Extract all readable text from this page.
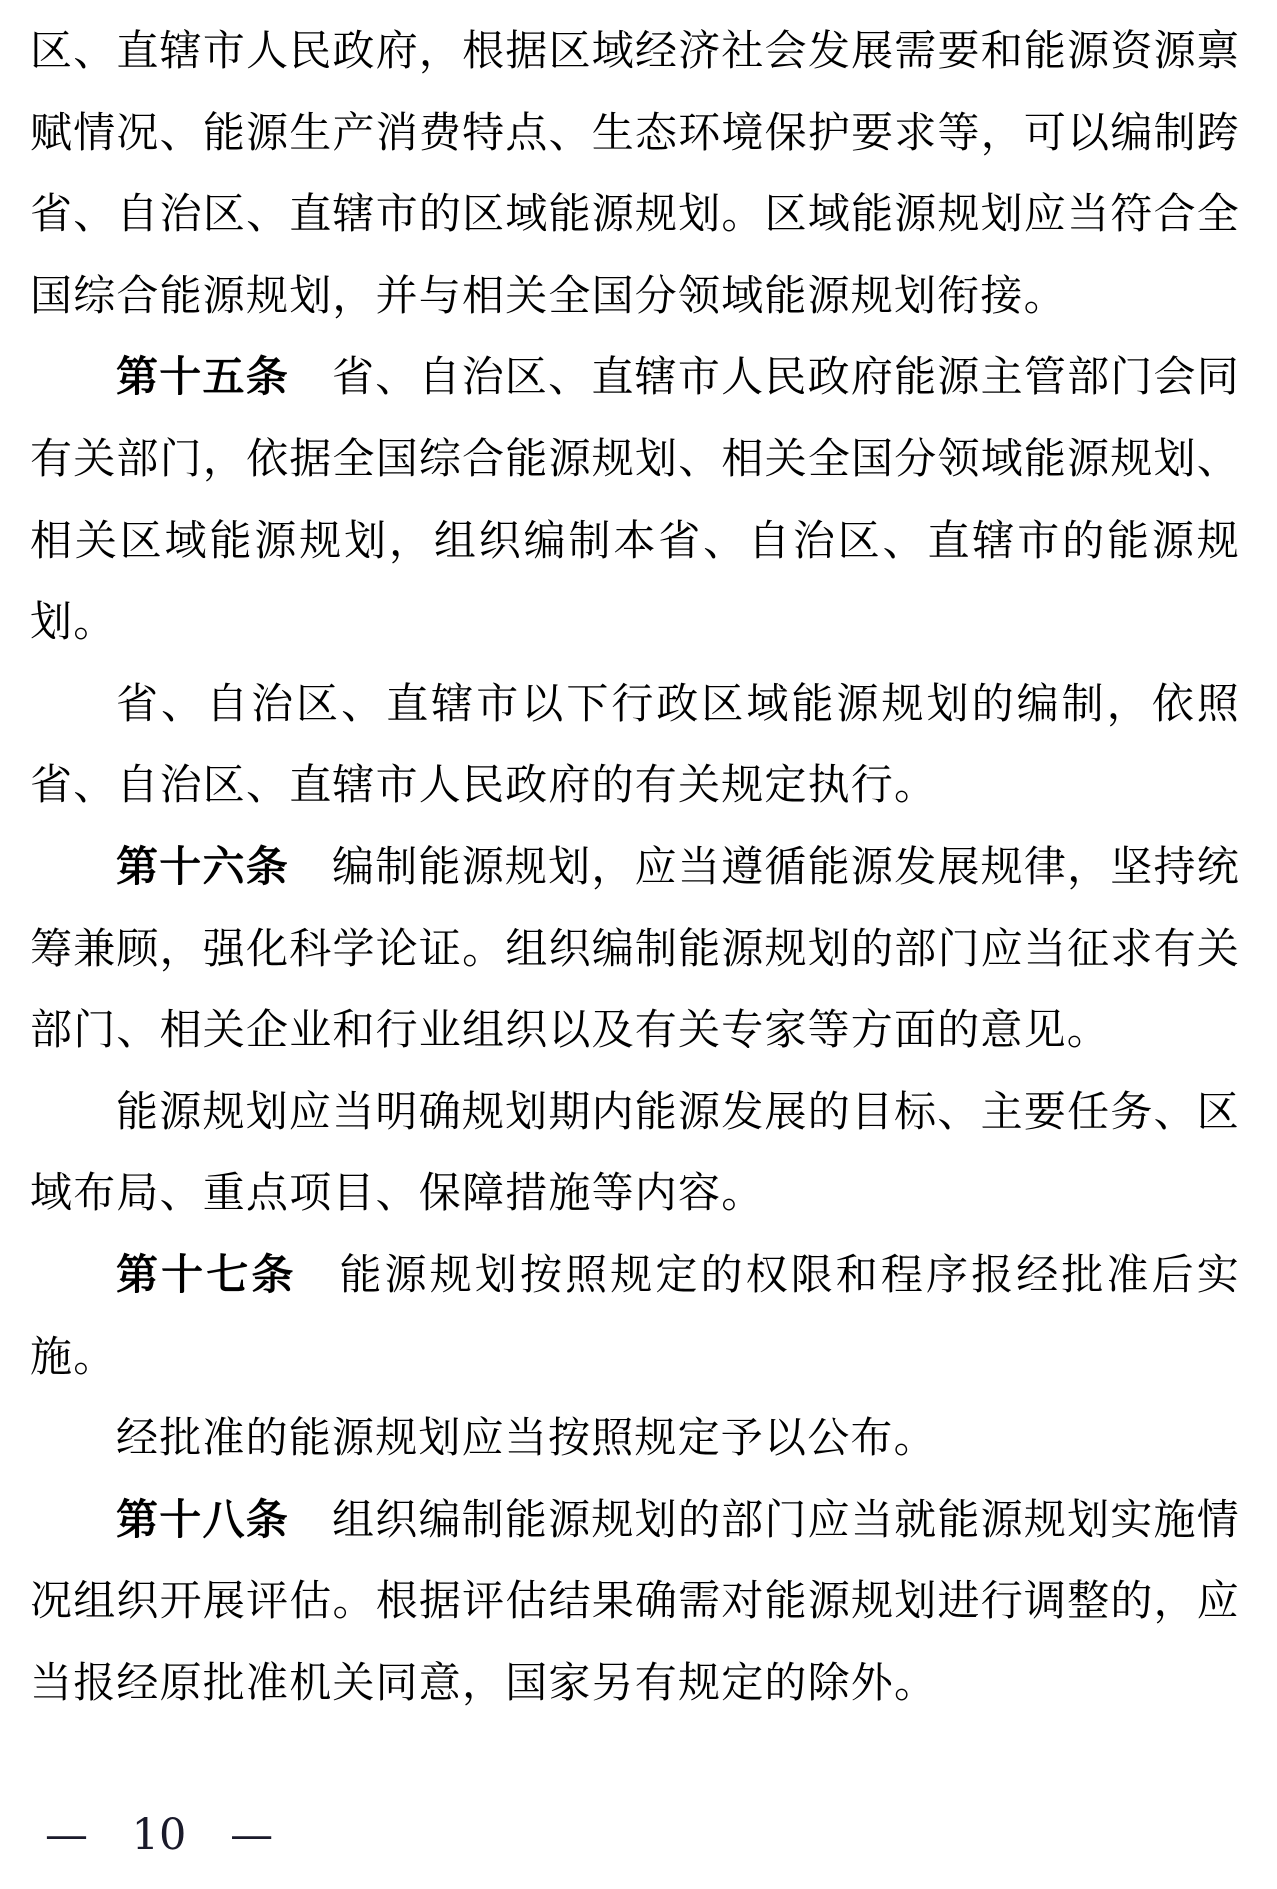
区、直辖市人民政府，根据区域经济社会发展需要和能源资源禀
赋情况、能源生产消费特点、生态环境保护要求等，可以编制跨
省、自治区、直辖市的区域能源规划。区域能源规划应当符合全
国综合能源规划，并与相关全国分领域能源规划衔接。
第十五条 省、自治区、直辖市人民政府能源主管部门会同
有关部门，依据全国综合能源规划、相关全国分领域能源规划、
相关区域能源规划，组织编制本省、自治区、直辖市的能源规
划。
省、自治区、直辖市以下行政区域能源规划的编制，依照
省、自治区、直辖市人民政府的有关规定执行。
第十六条 编制能源规划，应当遵循能源发展规律，坚持统
筹兼顾，强化科学论证。组织编制能源规划的部门应当征求有关
部门、相关企业和行业组织以及有关专家等方面的意见。
能源规划应当明确规划期内能源发展的目标、主要任务、区
域布局、重点项目、保障措施等内容。
第十七条 能源规划按照规定的权限和程序报经批准后实
施。
经批准的能源规划应当按照规定予以公布。
第十八条 组织编制能源规划的部门应当就能源规划实施情
况组织开展评估。根据评估结果确需对能源规划进行调整的，应
当报经原批准机关同意，国家另有规定的除外。
— 10 —
